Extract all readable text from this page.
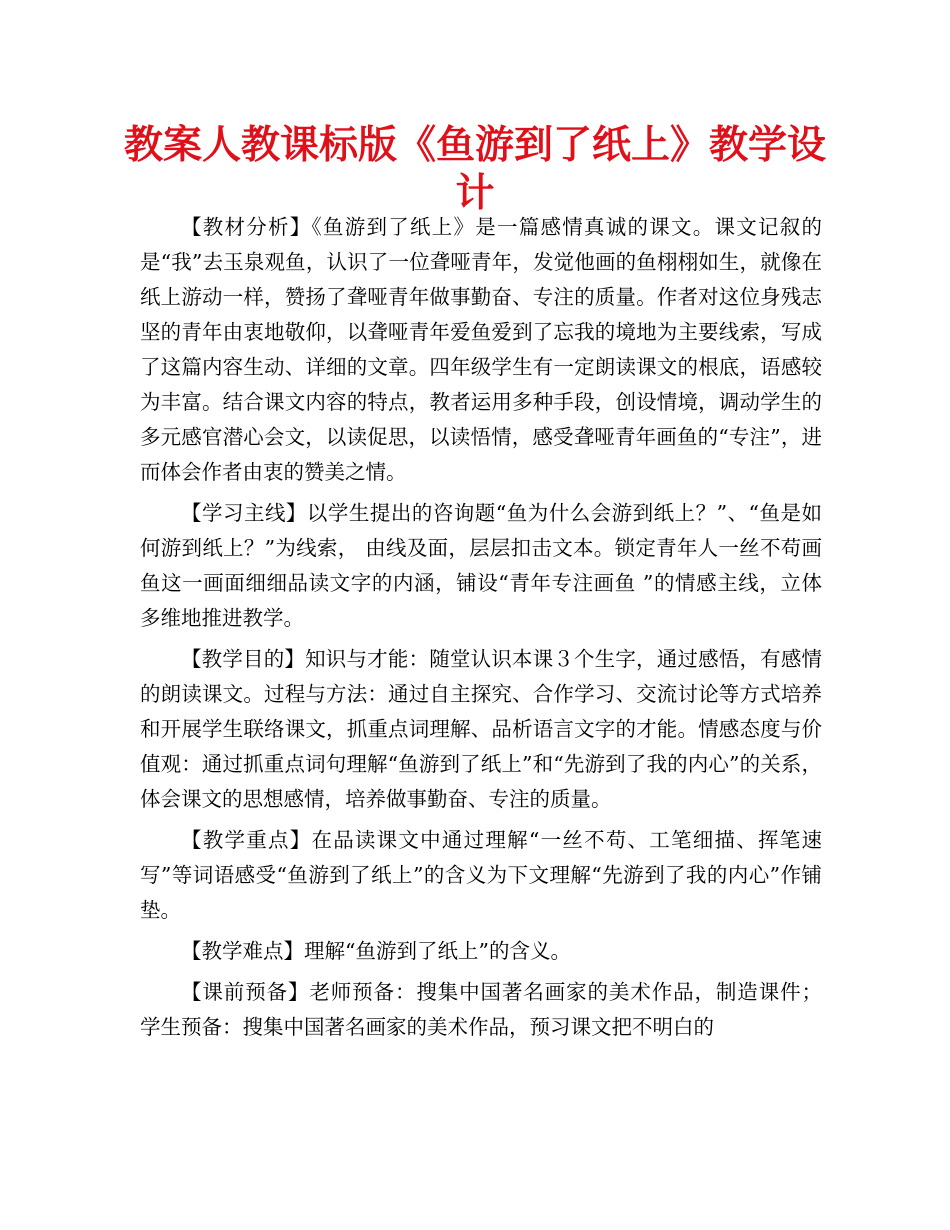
教案人教课标版《鱼游到了纸上》教学设计

【教材分析】《鱼游到了纸上》是一篇感情真诚的课文。课文记叙的是“我”去玉泉观鱼，认识了一位聋哑青年，发觉他画的鱼栩栩如生，就像在纸上游动一样，赞扬了聋哑青年做事勤奋、专注的质量。作者对这位身残志坚的青年由衷地敬仰，以聋哑青年爱鱼爱到了忘我的境地为主要线索，写成了这篇内容生动、详细的文章。四年级学生有一定朗读课文的根底，语感较为丰富。结合课文内容的特点，教者运用多种手段，创设情境，调动学生的多元感官潜心会文，以读促思，以读悟情，感受聋哑青年画鱼的“专注”，进而体会作者由衷的赞美之情。

【学习主线】以学生提出的咨询题“鱼为什么会游到纸上？”、“鱼是如何游到纸上？”为线索， 由线及面，层层扣击文本。锁定青年人一丝不苟画鱼这一画面细细品读文字的内涵，铺设“青年专注画鱼 ”的情感主线，立体多维地推进教学。

【教学目的】知识与才能：随堂认识本课３个生字，通过感悟，有感情的朗读课文。过程与方法：通过自主探究、合作学习、交流讨论等方式培养和开展学生联络课文，抓重点词理解、品析语言文字的才能。情感态度与价值观：通过抓重点词句理解“鱼游到了纸上”和“先游到了我的内心”的关系，体会课文的思想感情，培养做事勤奋、专注的质量。

【教学重点】在品读课文中通过理解“一丝不苟、工笔细描、挥笔速写”等词语感受“鱼游到了纸上”的含义为下文理解“先游到了我的内心”作铺垫。

【教学难点】理解“鱼游到了纸上”的含义。

【课前预备】老师预备：搜集中国著名画家的美术作品，制造课件； 学生预备：搜集中国著名画家的美术作品，预习课文把不明白的
